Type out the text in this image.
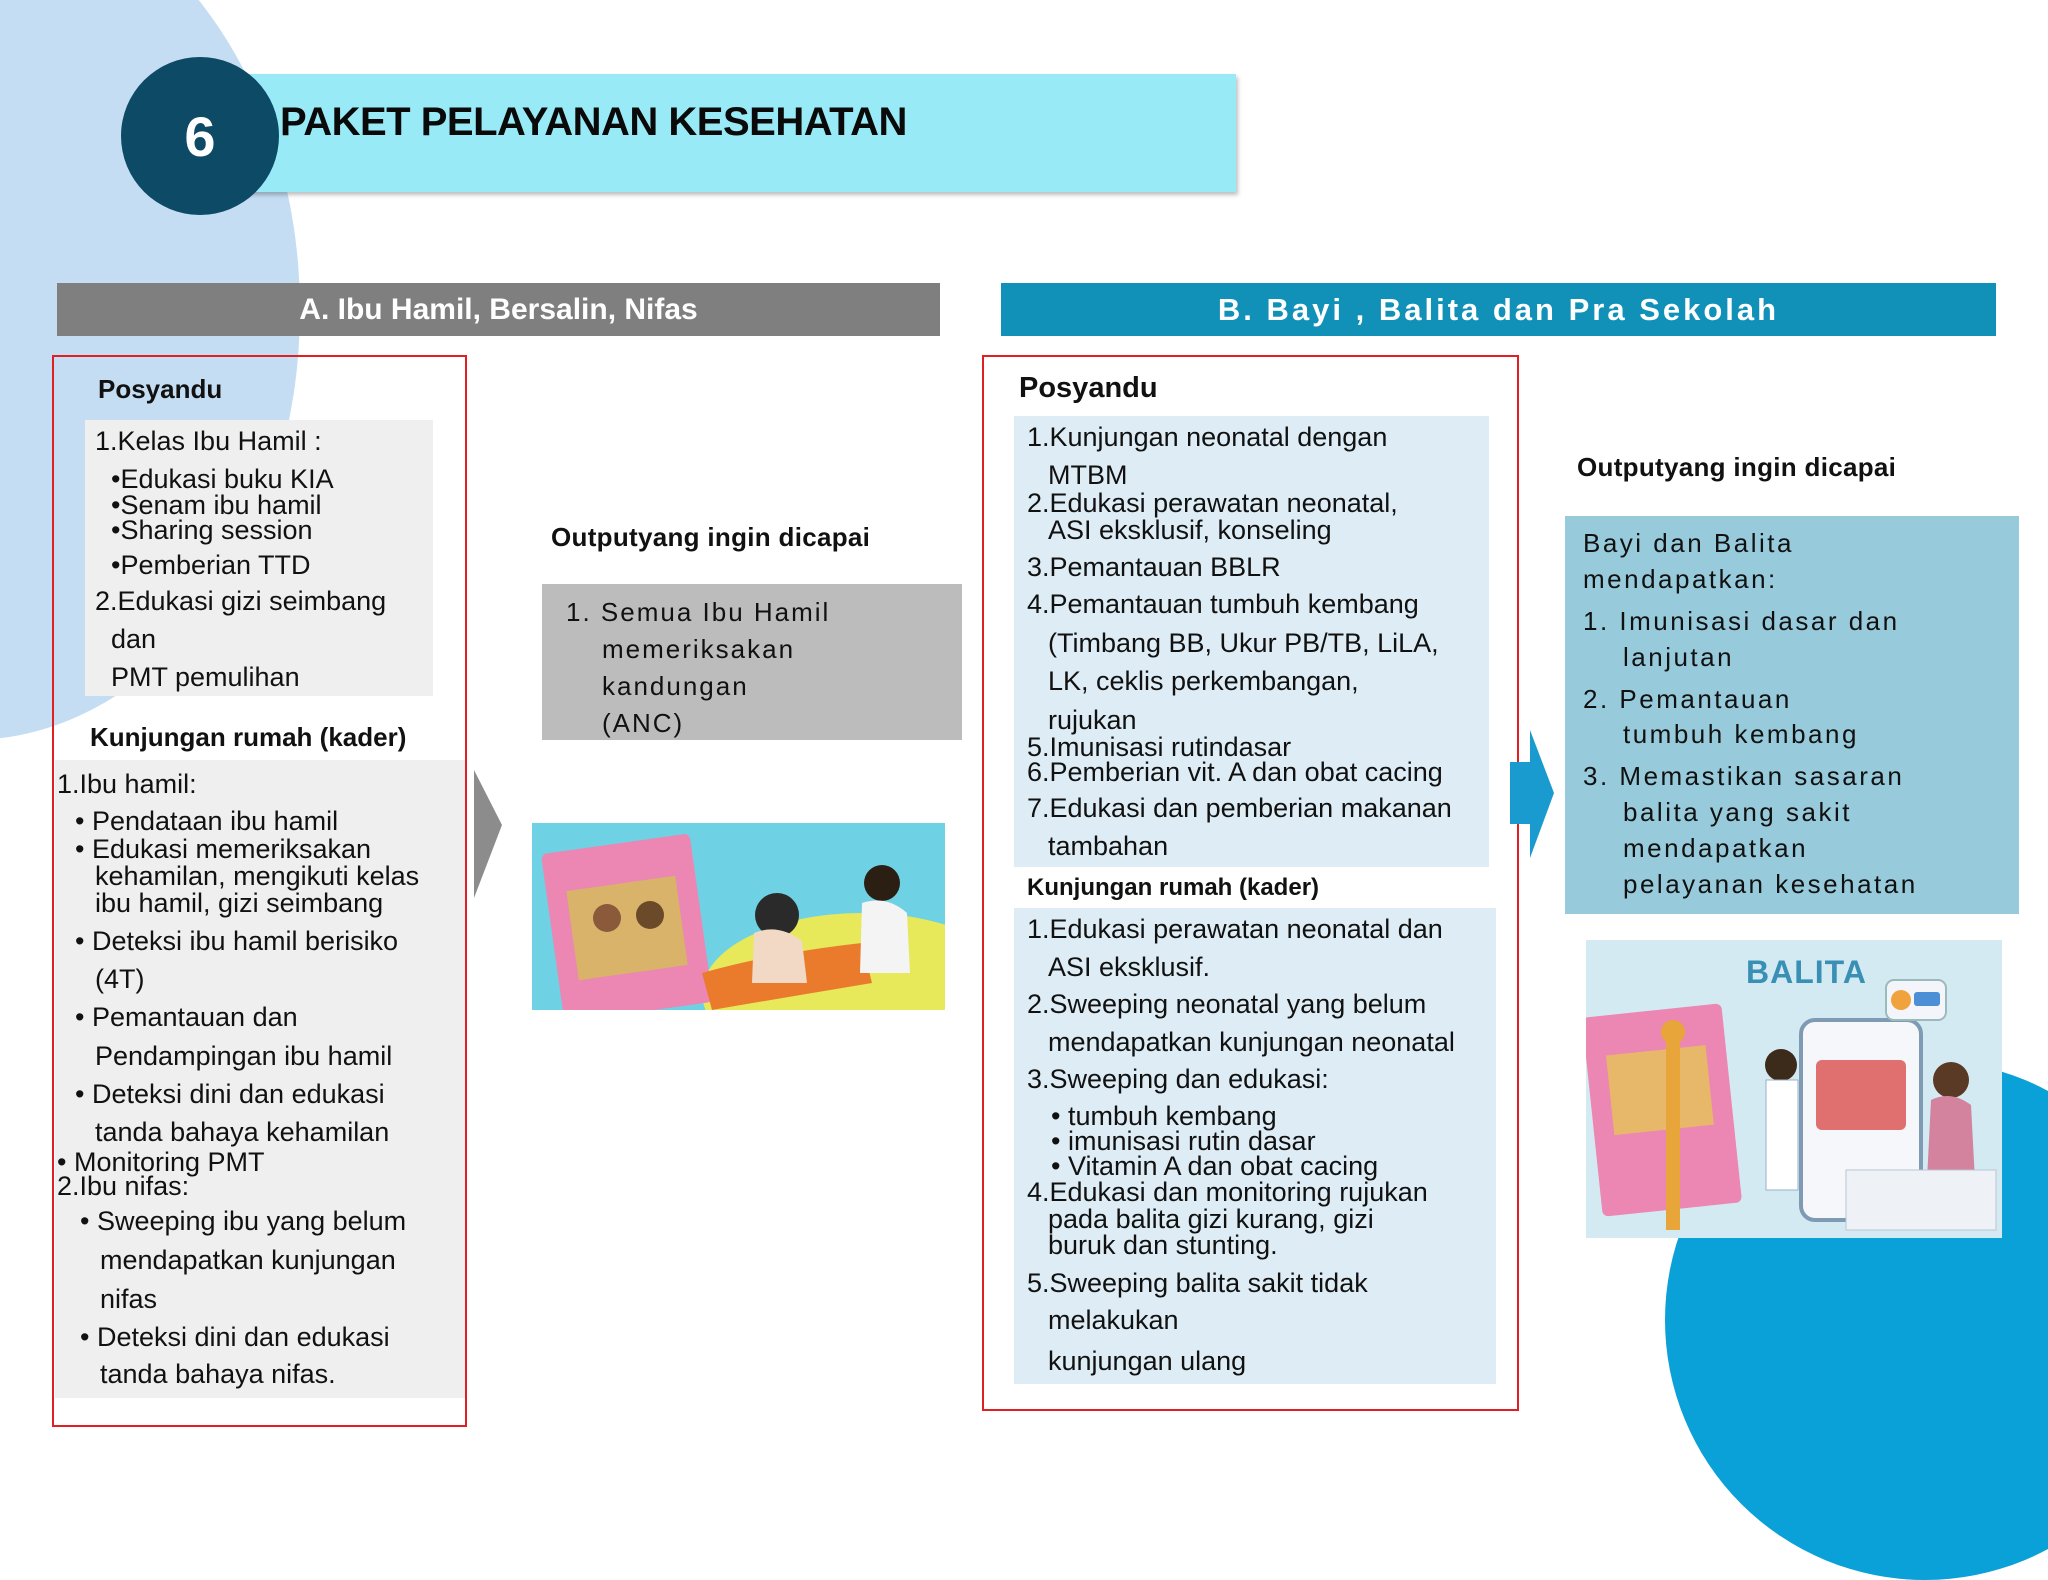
PAKET PELAYANAN KESEHATAN
6
A. Ibu Hamil, Bersalin, Nifas	B. Bayi , Balita dan Pra Sekolah
Posyandu
1.Kelas Ibu Hamil :
•Edukasi buku KIA
•Senam ibu hamil
•Sharing session
•Pemberian TTD
2.Edukasi gizi seimbang
dan
PMT pemulihan
Kunjungan rumah (kader)
1.Ibu hamil:
• Pendataan ibu hamil
• Edukasi memeriksakan
kehamilan, mengikuti kelas
ibu hamil, gizi seimbang
• Deteksi ibu hamil berisiko
(4T)
• Pemantauan dan
Pendampingan ibu hamil
• Deteksi dini dan edukasi
tanda bahaya kehamilan
• Monitoring PMT
2.Ibu nifas:
• Sweeping ibu yang belum
mendapatkan kunjungan
nifas
• Deteksi dini dan edukasi
tanda bahaya nifas.
Outputyang ingin dicapai
1. Semua Ibu Hamil
memeriksakan
kandungan
(ANC)
Posyandu
1.Kunjungan neonatal dengan
MTBM
2.Edukasi perawatan neonatal,
ASI eksklusif, konseling
3.Pemantauan BBLR
4.Pemantauan tumbuh kembang
(Timbang BB, Ukur PB/TB, LiLA,
LK, ceklis perkembangan,
rujukan
5.Imunisasi rutindasar
6.Pemberian vit. A dan obat cacing
7.Edukasi dan pemberian makanan
tambahan
Kunjungan rumah (kader)
1.Edukasi perawatan neonatal dan
ASI eksklusif.
2.Sweeping neonatal yang belum
mendapatkan kunjungan neonatal
3.Sweeping dan edukasi:
• tumbuh kembang
• imunisasi rutin dasar
• Vitamin A dan obat cacing
4.Edukasi dan monitoring rujukan
pada balita gizi kurang, gizi
buruk dan stunting.
5.Sweeping balita sakit tidak
melakukan
kunjungan ulang
Outputyang ingin dicapai
Bayi dan Balita
mendapatkan:
1. Imunisasi dasar dan
lanjutan
2. Pemantauan
tumbuh kembang
3. Memastikan sasaran
balita yang sakit
mendapatkan
pelayanan kesehatan
BALITA
